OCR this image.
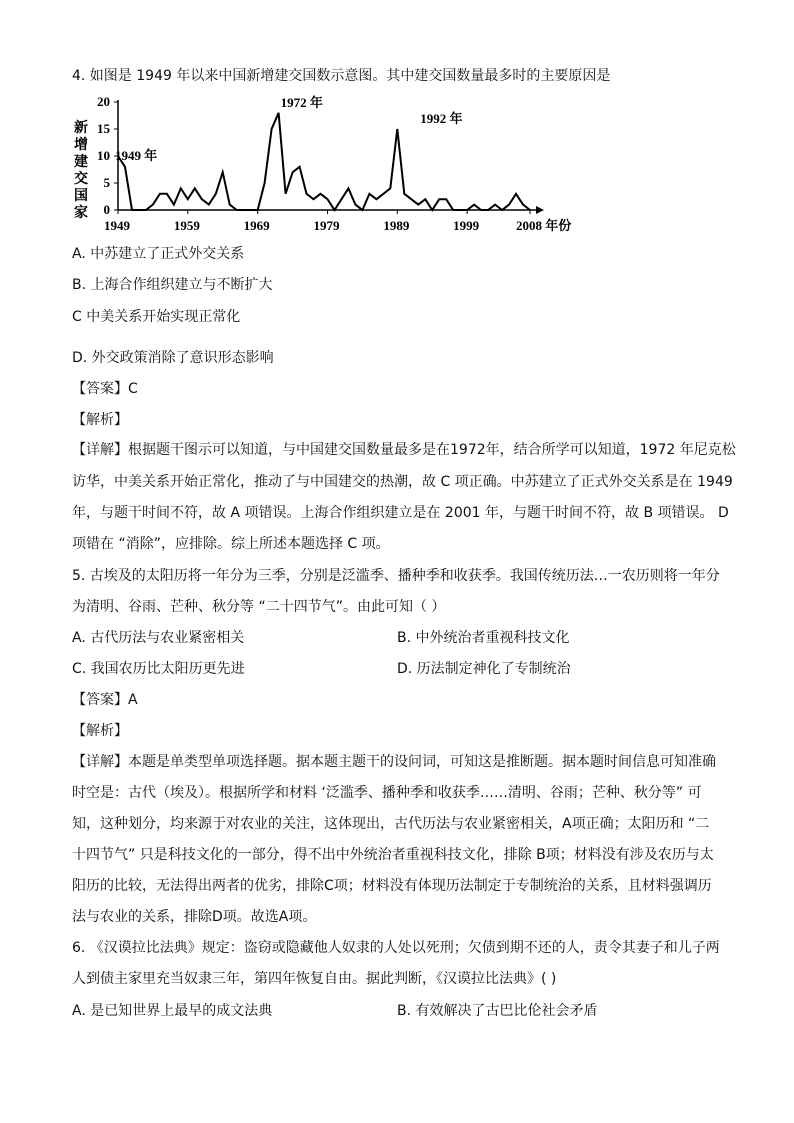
4. 如图是 1949 年以来中国新增建交国数示意图。其中建交国数量最多时的主要原因是
新
增
建
交
国
家 0
5
10
15
20
1949	1959	1969	1979	1989	1999	2008 年份
1972 年
1992 年
1949 年
A. 中苏建立了正式外交关系
B. 上海合作组织建立与不断扩大
C 中美关系开始实现正常化
D. 外交政策消除了意识形态影响
【答案】C
【解析】
【详解】根据题干图示可以知道，与中国建交国数量最多是在1972年，结合所学可以知道，1972 年尼克松
访华，中美关系开始正常化，推动了与中国建交的热潮，故 C 项正确。中苏建立了正式外交关系是在 1949
年，与题干时间不符，故 A 项错误。上海合作组织建立是在 2001 年，与题干时间不符，故 B 项错误。 D
项错在 “消除”，应排除。综上所述本题选择 C 项。
5. 古埃及的太阳历将一年分为三季，分别是泛滥季、播种季和收获季。我国传统历法…一农历则将一年分
为清明、谷雨、芒种、秋分等 “二十四节气”。由此可知（ ）
A. 古代历法与农业紧密相关	B. 中外统治者重视科技文化
C. 我国农历比太阳历更先进	D. 历法制定神化了专制统治
【答案】A
【解析】
【详解】本题是单类型单项选择题。据本题主题干的设问词，可知这是推断题。据本题时间信息可知准确
时空是：古代（埃及）。根据所学和材料 ‘泛滥季、播种季和收获季……清明、谷雨；芒种、秋分等” 可
知，这种划分，均来源于对农业的关注，这体现出，古代历法与农业紧密相关，A项正确；太阳历和 “二
十四节气” 只是科技文化的一部分，得不出中外统治者重视科技文化，排除 B项；材料没有涉及农历与太
阳历的比较，无法得出两者的优劣，排除C项；材料没有体现历法制定于专制统治的关系，且材料强调历
法与农业的关系，排除D项。故选A项。
6. 《汉谟拉比法典》规定：盗窃或隐藏他人奴隶的人处以死刑；欠债到期不还的人，责令其妻子和儿子两
人到债主家里充当奴隶三年，第四年恢复自由。据此判断，《汉谟拉比法典》( )
A. 是已知世界上最早的成文法典	B. 有效解决了古巴比伦社会矛盾
